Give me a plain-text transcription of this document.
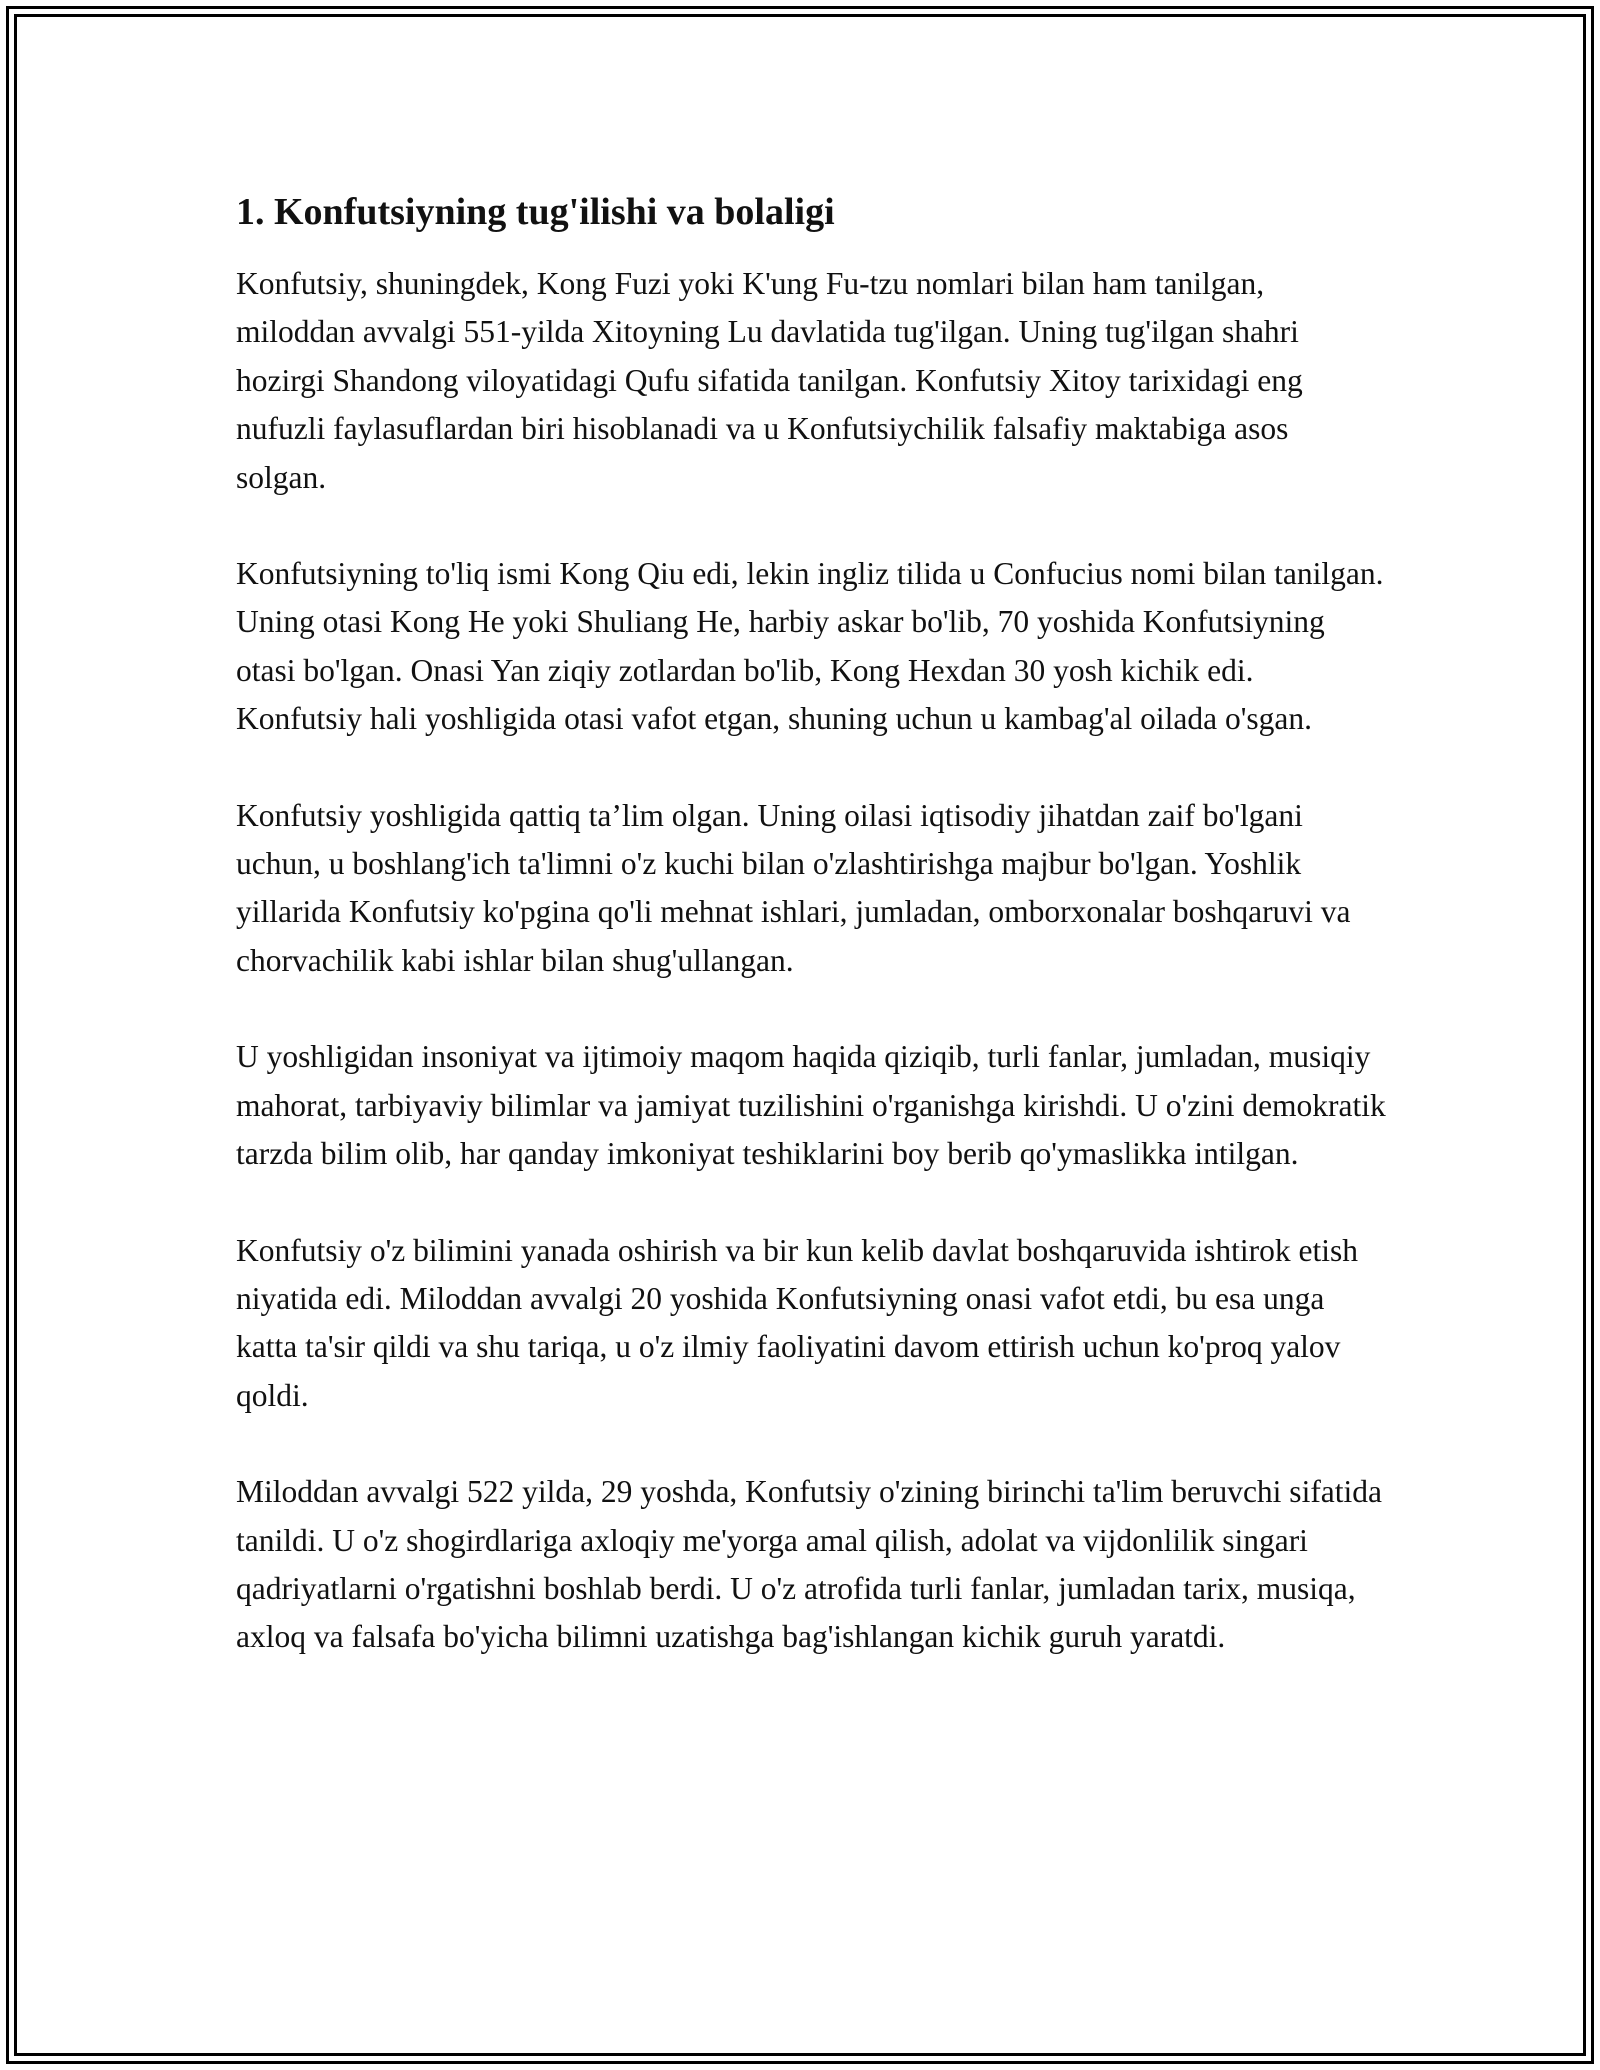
1. Konfutsiyning tug'ilishi va bolaligi

Konfutsiy, shuningdek, Kong Fuzi yoki K'ung Fu-tzu nomlari bilan ham tanilgan, miloddan avvalgi 551-yilda Xitoyning Lu davlatida tug'ilgan. Uning tug'ilgan shahri hozirgi Shandong viloyatidagi Qufu sifatida tanilgan. Konfutsiy Xitoy tarixidagi eng nufuzli faylasuflardan biri hisoblanadi va u Konfutsiychilik falsafiy maktabiga asos solgan.

Konfutsiyning to'liq ismi Kong Qiu edi, lekin ingliz tilida u Confucius nomi bilan tanilgan. Uning otasi Kong He yoki Shuliang He, harbiy askar bo'lib, 70 yoshida Konfutsiyning otasi bo'lgan. Onasi Yan ziqiy zotlardan bo'lib, Kong Hexdan 30 yosh kichik edi. Konfutsiy hali yoshligida otasi vafot etgan, shuning uchun u kambag'al oilada o'sgan.

Konfutsiy yoshligida qattiq ta’lim olgan. Uning oilasi iqtisodiy jihatdan zaif bo'lgani uchun, u boshlang'ich ta'limni o'z kuchi bilan o'zlashtirishga majbur bo'lgan. Yoshlik yillarida Konfutsiy ko'pgina qo'li mehnat ishlari, jumladan, omborxonalar boshqaruvi va chorvachilik kabi ishlar bilan shug'ullangan.

U yoshligidan insoniyat va ijtimoiy maqom haqida qiziqib, turli fanlar, jumladan, musiqiy mahorat, tarbiyaviy bilimlar va jamiyat tuzilishini o'rganishga kirishdi. U o'zini demokratik tarzda bilim olib, har qanday imkoniyat teshiklarini boy berib qo'ymaslikka intilgan.

Konfutsiy o'z bilimini yanada oshirish va bir kun kelib davlat boshqaruvida ishtirok etish niyatida edi. Miloddan avvalgi 20 yoshida Konfutsiyning onasi vafot etdi, bu esa unga katta ta'sir qildi va shu tariqa, u o'z ilmiy faoliyatini davom ettirish uchun ko'proq yalov qoldi.

Miloddan avvalgi 522 yilda, 29 yoshda, Konfutsiy o'zining birinchi ta'lim beruvchi sifatida tanildi. U o'z shogirdlariga axloqiy me'yorga amal qilish, adolat va vijdonlilik singari qadriyatlarni o'rgatishni boshlab berdi. U o'z atrofida turli fanlar, jumladan tarix, musiqa, axloq va falsafa bo'yicha bilimni uzatishga bag'ishlangan kichik guruh yaratdi.
